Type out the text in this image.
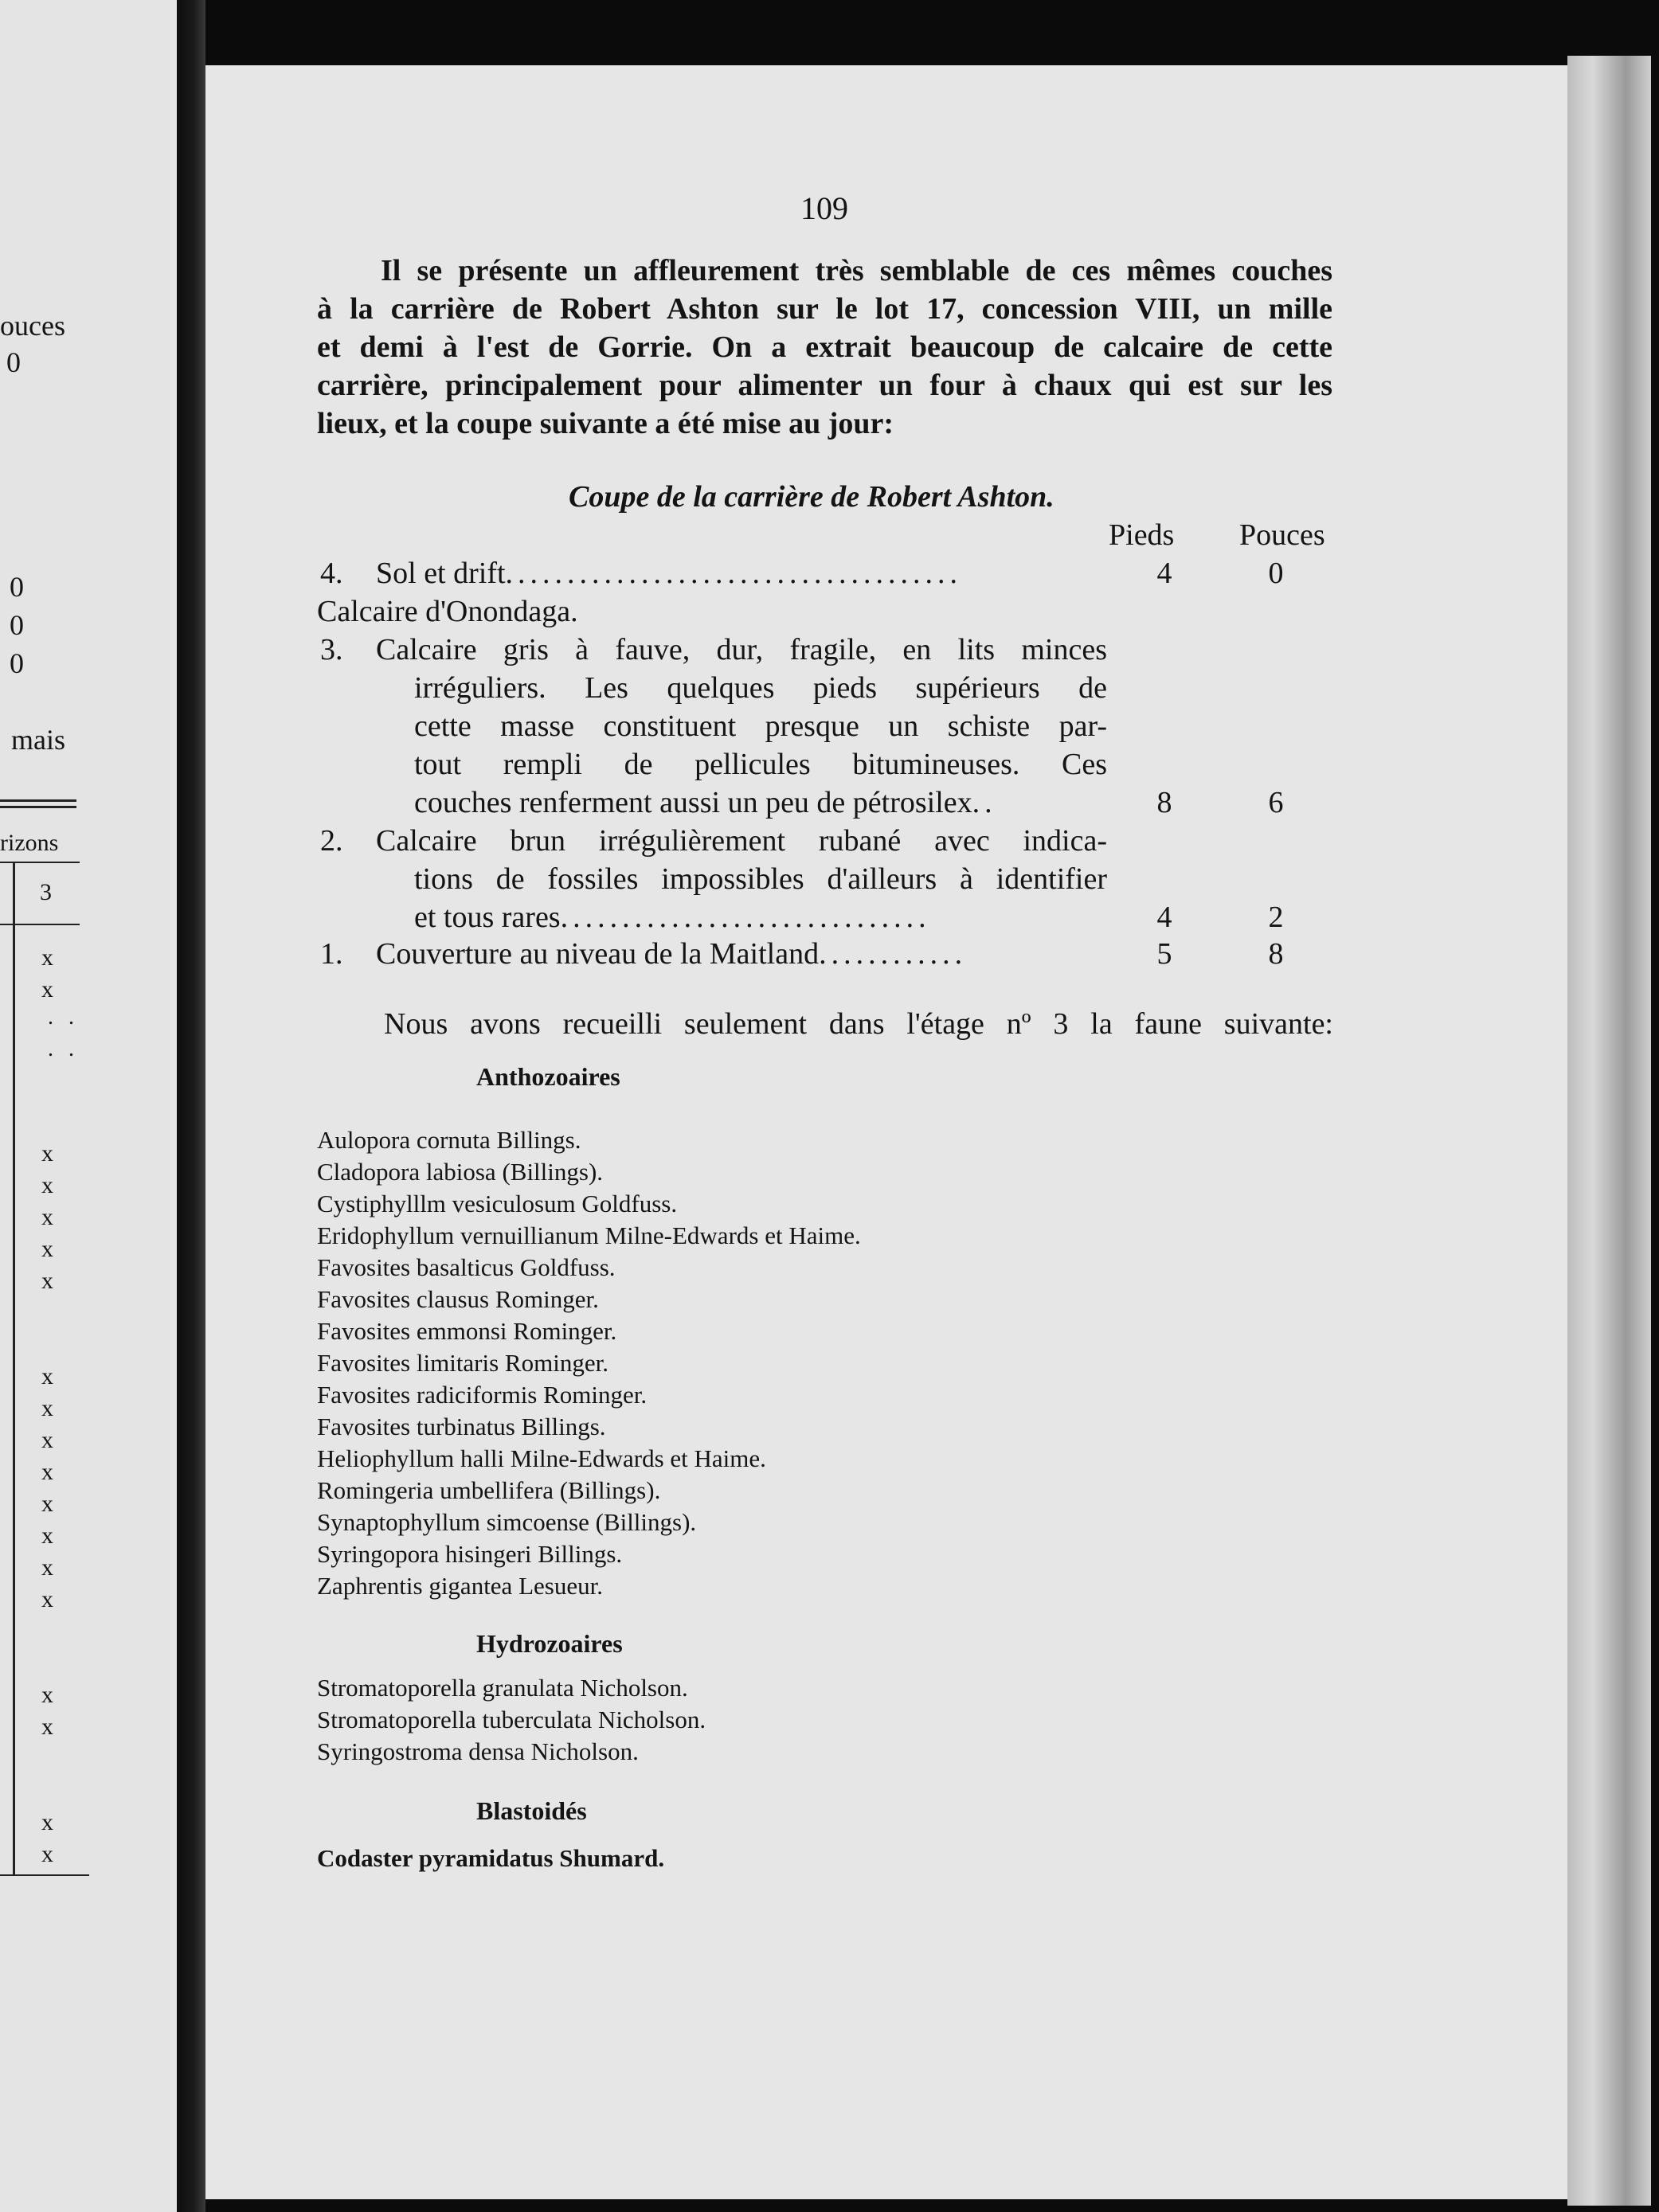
ouces
0
0
0
0
mais
rizons
3
x
x
. .
. .
x
x
x
x
x
x
x
x
x
x
x
x
x
x
x
x
x
109
Il se présente un affleurement très semblable de ces mêmes couches
à la carrière de Robert Ashton sur le lot 17, concession VIII, un mille
et demi à l'est de Gorrie. On a extrait beaucoup de calcaire de cette
carrière, principalement pour alimenter un four à chaux qui est sur les
lieux, et la coupe suivante a été mise au jour:
Coupe de la carrière de Robert Ashton.
Pieds Pouces
4. Sol et drift.....................................	4	0
Calcaire d'Onondaga.
3. Calcaire gris à fauve, dur, fragile, en lits minces
irréguliers. Les quelques pieds supérieurs de
cette masse constituent presque un schiste par-
tout rempli de pellicules bitumineuses. Ces
couches renferment aussi un peu de pétrosilex..	8	6
2. Calcaire brun irrégulièrement rubané avec indica-
tions de fossiles impossibles d'ailleurs à identifier
et tous rares..............................	4	2
1. Couverture au niveau de la Maitland............	5	8
Nous avons recueilli seulement dans l'étage nº 3 la faune suivante:
Anthozoaires
Aulopora cornuta Billings.
Cladopora labiosa (Billings).
Cystiphylllm vesiculosum Goldfuss.
Eridophyllum vernuillianum Milne-Edwards et Haime.
Favosites basalticus Goldfuss.
Favosites clausus Rominger.
Favosites emmonsi Rominger.
Favosites limitaris Rominger.
Favosites radiciformis Rominger.
Favosites turbinatus Billings.
Heliophyllum halli Milne-Edwards et Haime.
Romingeria umbellifera (Billings).
Synaptophyllum simcoense (Billings).
Syringopora hisingeri Billings.
Zaphrentis gigantea Lesueur.
Hydrozoaires
Stromatoporella granulata Nicholson.
Stromatoporella tuberculata Nicholson.
Syringostroma densa Nicholson.
Blastoidés
Codaster pyramidatus Shumard.
